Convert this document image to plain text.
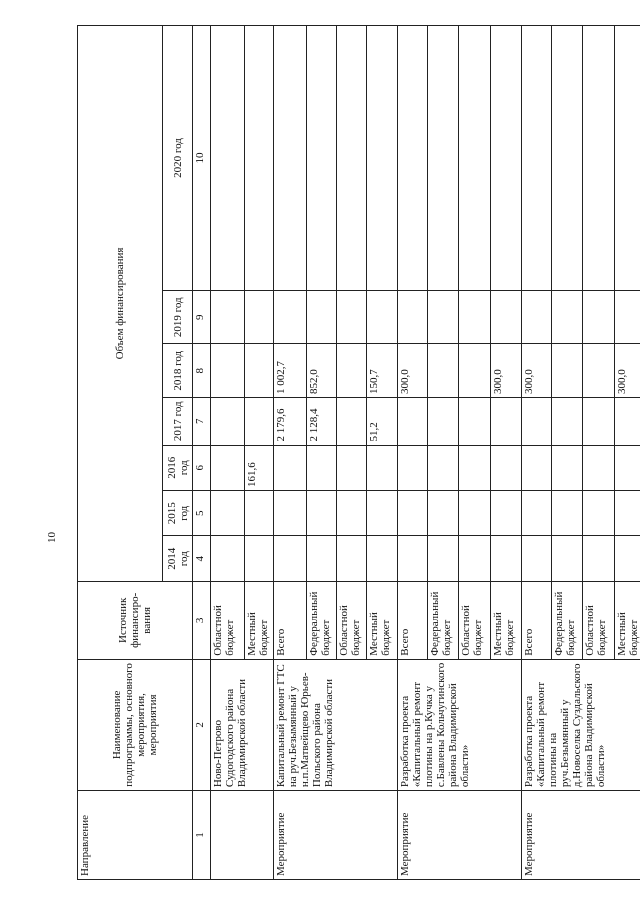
10
Направление	Наименование подпрограммы, основного мероприятия, мероприятия	Источник финансиро-вания	Объем финансирования						
			2014 год	2015 год	2016 год	2017 год	2018 год	2019 год	2020 год
1	2	3	4	5	6	7	8	9	10
	Ново-Петрово Судогодского района Владимирской области	Областной бюджет							
		Местный бюджет			161,6				
Мероприятие	Капитальный ремонт ГТС на руч.Безымянный у н.п.Матвейщево Юрьев-Польского района Владимирской области	Всего				2 179,6	1 002,7		
		Федеральный бюджет				2 128,4	852,0		
		Областной бюджет							
		Местный бюджет				51,2	150,7		
Мероприятие	Разработка проекта «Капитальный ремонт плотины на р.Кучка у с.Бавлены Кольчугинского района Владимирской области»	Всего					300,0		
		Федеральный бюджет							
		Областной бюджет							
		Местный бюджет					300,0		
Мероприятие	Разработка проекта «Капитальный ремонт плотины на руч.Безымянный у д.Новоселка Суздальского района Владимирской области»	Всего					300,0		
		Федеральный бюджет							
		Областной бюджет							
		Местный бюджет					300,0		
